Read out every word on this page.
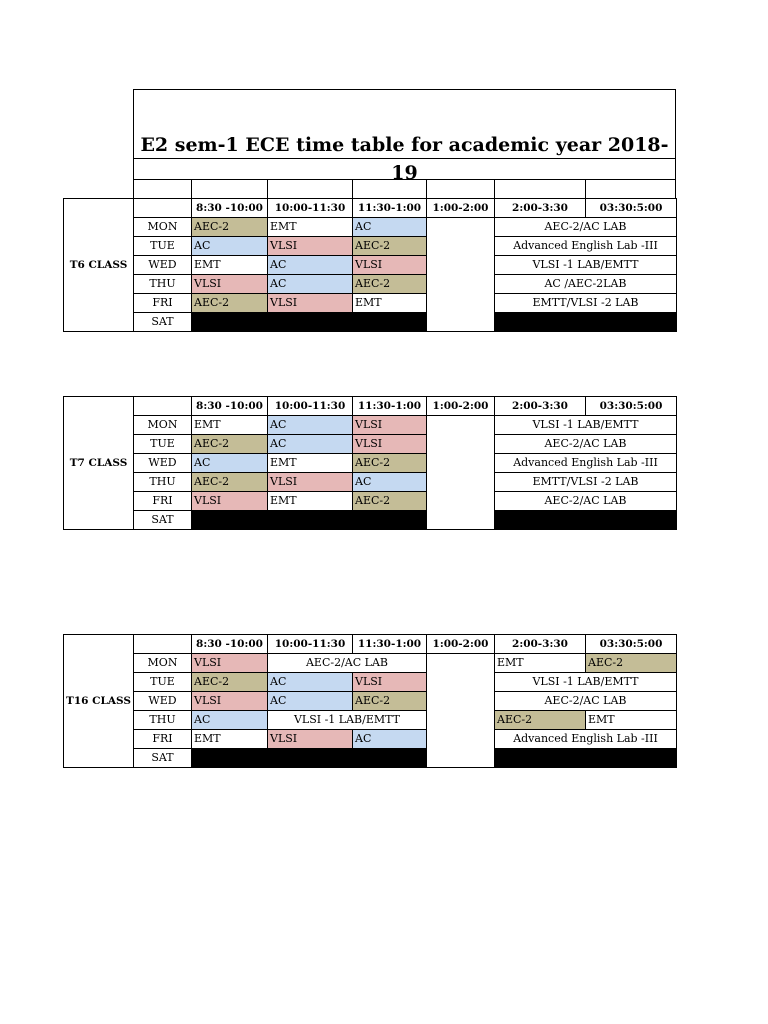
E2 sem-1 ECE time table for academic year 2018-19
T6 CLASS		8:30 -10:00	10:00-11:30	11:30-1:00	1:00-2:00	2:00-3:30	03:30:5:00
	MON	AEC-2	EMT	AC		AEC-2/AC LAB	
	TUE	AC	VLSI	AEC-2		Advanced English Lab -III	
	WED	EMT	AC	VLSI		VLSI -1 LAB/EMTT	
	THU	VLSI	AC	AEC-2		AC /AEC-2LAB	
	FRI	AEC-2	VLSI	EMT		EMTT/VLSI -2 LAB	
	SAT						
T7 CLASS		8:30 -10:00	10:00-11:30	11:30-1:00	1:00-2:00	2:00-3:30	03:30:5:00
	MON	EMT	AC	VLSI		VLSI -1 LAB/EMTT	
	TUE	AEC-2	AC	VLSI		AEC-2/AC LAB	
	WED	AC	EMT	AEC-2		Advanced English Lab -III	
	THU	AEC-2	VLSI	AC		EMTT/VLSI -2 LAB	
	FRI	VLSI	EMT	AEC-2		AEC-2/AC LAB	
	SAT						
T16 CLASS		8:30 -10:00	10:00-11:30	11:30-1:00	1:00-2:00	2:00-3:30	03:30:5:00
	MON	VLSI	AEC-2/AC LAB			EMT	AEC-2
	TUE	AEC-2	AC	VLSI		VLSI -1 LAB/EMTT	
	WED	VLSI	AC	AEC-2		AEC-2/AC LAB	
	THU	AC	VLSI -1 LAB/EMTT			AEC-2	EMT
	FRI	EMT	VLSI	AC		Advanced English Lab -III	
	SAT						
